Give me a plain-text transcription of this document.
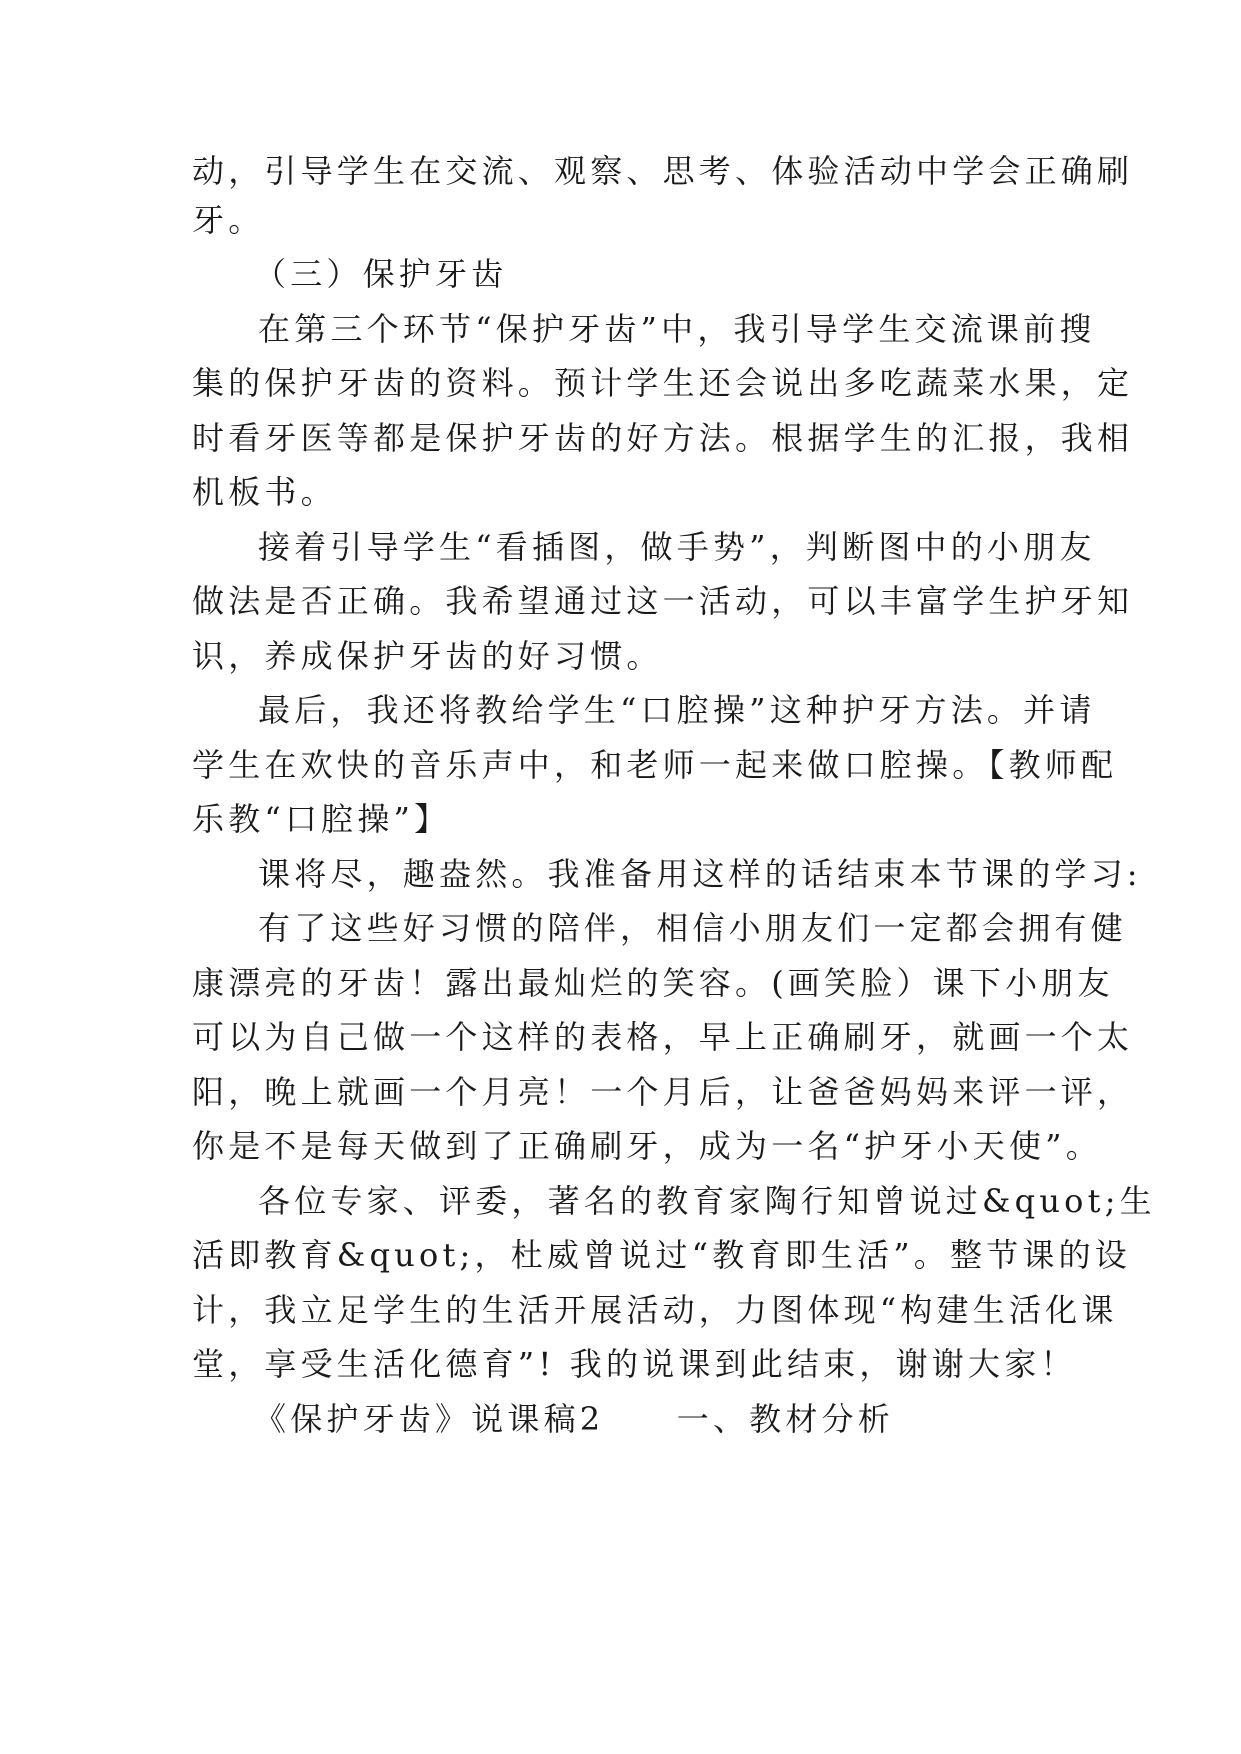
动，引导学生在交流、观察、思考、体验活动中学会正确刷
牙。
（三）保护牙齿
在第三个环节“保护牙齿”中，我引导学生交流课前搜
集的保护牙齿的资料。预计学生还会说出多吃蔬菜水果，定
时看牙医等都是保护牙齿的好方法。根据学生的汇报，我相
机板书。
接着引导学生“看插图，做手势”，判断图中的小朋友
做法是否正确。我希望通过这一活动，可以丰富学生护牙知
识，养成保护牙齿的好习惯。
最后，我还将教给学生“口腔操”这种护牙方法。并请
学生在欢快的音乐声中，和老师一起来做口腔操。【教师配
乐教“口腔操”】
课将尽，趣盎然。我准备用这样的话结束本节课的学习:
有了这些好习惯的陪伴，相信小朋友们一定都会拥有健
康漂亮的牙齿！露出最灿烂的笑容。(画笑脸）课下小朋友
可以为自己做一个这样的表格，早上正确刷牙，就画一个太
阳，晚上就画一个月亮！一个月后，让爸爸妈妈来评一评，
你是不是每天做到了正确刷牙，成为一名“护牙小天使”。
各位专家、评委，著名的教育家陶行知曾说过&quot;生
活即教育&quot;，杜威曾说过“教育即生活”。整节课的设
计，我立足学生的生活开展活动，力图体现“构建生活化课
堂，享受生活化德育”! 我的说课到此结束，谢谢大家！
《保护牙齿》说课稿2　　一、教材分析
